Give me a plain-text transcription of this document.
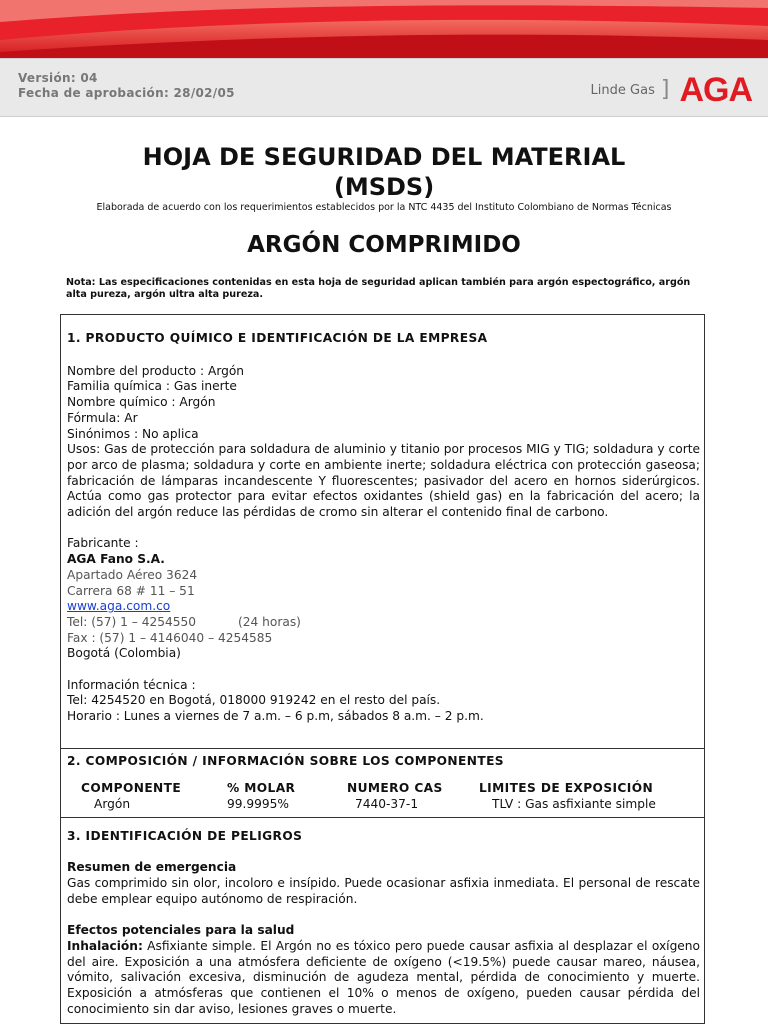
Versión: 04
Fecha de aprobación: 28/02/05	Linde Gas ] AGA
HOJA DE SEGURIDAD DEL MATERIAL
(MSDS)
Elaborada de acuerdo con los requerimientos establecidos por la NTC 4435 del Instituto Colombiano de Normas Técnicas
ARGÓN COMPRIMIDO
Nota: Las especificaciones contenidas en esta hoja de seguridad aplican también para argón espectográfico, argón alta pureza, argón ultra alta pureza.
1. PRODUCTO QUÍMICO E IDENTIFICACIÓN DE LA EMPRESA
Nombre del producto : Argón
Familia química : Gas inerte
Nombre químico : Argón
Fórmula: Ar
Sinónimos : No aplica
Usos: Gas de protección para soldadura de aluminio y titanio por procesos MIG y TIG; soldadura y corte por arco de plasma; soldadura y corte en ambiente inerte; soldadura eléctrica con protección gaseosa; fabricación de lámparas incandescente Y fluorescentes; pasivador del acero en hornos siderúrgicos. Actúa como gas protector para evitar efectos oxidantes (shield gas) en la fabricación del acero; la adición del argón reduce las pérdidas de cromo sin alterar el contenido final de carbono.
Fabricante :
AGA Fano S.A.
Apartado Aéreo 3624
Carrera 68 # 11 – 51
www.aga.com.co
Tel: (57) 1 – 4254550	(24 horas)
Fax : (57) 1 – 4146040 – 4254585
Bogotá (Colombia)
Información técnica :
Tel: 4254520 en Bogotá, 018000 919242 en el resto del país.
Horario : Lunes a viernes de 7 a.m. – 6 p.m, sábados 8 a.m. – 2 p.m.
2. COMPOSICIÓN / INFORMACIÓN SOBRE LOS COMPONENTES
COMPONENTE	% MOLAR	NUMERO CAS	LIMITES DE EXPOSICIÓN
Argón	99.9995%	7440-37-1	TLV : Gas asfixiante simple
3. IDENTIFICACIÓN DE PELIGROS
Resumen de emergencia
Gas comprimido sin olor, incoloro e insípido. Puede ocasionar asfixia inmediata. El personal de rescate debe emplear equipo autónomo de respiración.
Efectos potenciales para la salud
Inhalación: Asfixiante simple. El Argón no es tóxico pero puede causar asfixia al desplazar el oxígeno del aire. Exposición a una atmósfera deficiente de oxígeno (<19.5%) puede causar mareo, náusea, vómito, salivación excesiva, disminución de agudeza mental, pérdida de conocimiento y muerte. Exposición a atmósferas que contienen el 10% o menos de oxígeno, pueden causar pérdida del conocimiento sin dar aviso, lesiones graves o muerte.
